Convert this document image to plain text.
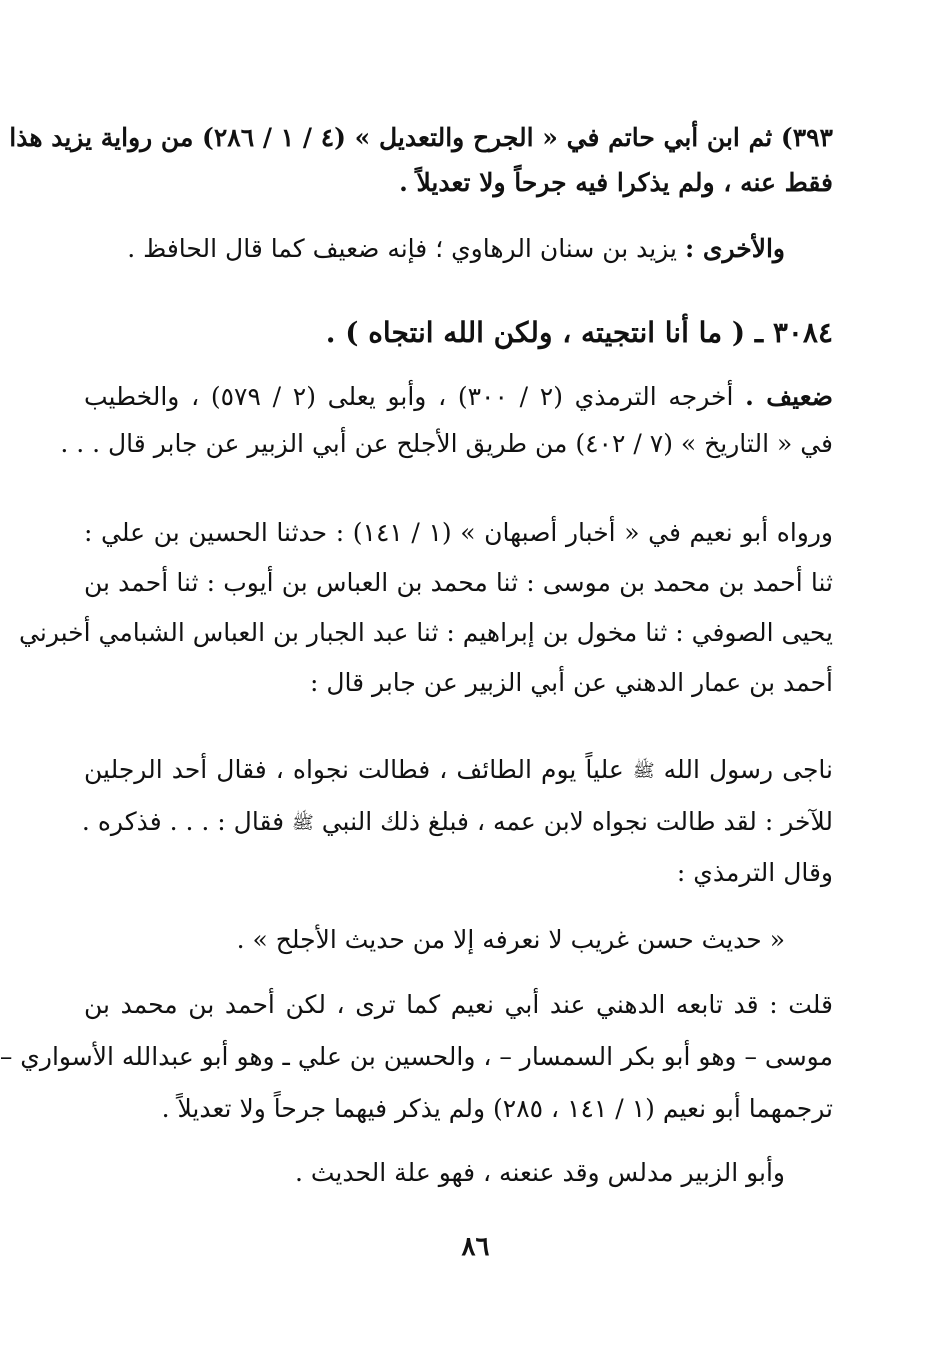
٣٩٣) ثم ابن أبي حاتم في « الجرح والتعديل » (٤ / ١ / ٢٨٦) من رواية يزيد هذا
فقط عنه ، ولم يذكرا فيه جرحاً ولا تعديلاً .
والأخرى : يزيد بن سنان الرهاوي ؛ فإنه ضعيف كما قال الحافظ .
٣٠٨٤ ـ ( ما أنا انتجيته ، ولكن الله انتجاه ) .
ضعيف . أخرجه الترمذي (٢ / ٣٠٠) ، وأبو يعلى (٢ / ٥٧٩) ، والخطيب
في « التاريخ » (٧ / ٤٠٢) من طريق الأجلح عن أبي الزبير عن جابر قال . . .
ورواه أبو نعيم في « أخبار أصبهان » (١ / ١٤١) : حدثنا الحسين بن علي :
ثنا أحمد بن محمد بن موسى : ثنا محمد بن العباس بن أيوب : ثنا أحمد بن
يحيى الصوفي : ثنا مخول بن إبراهيم : ثنا عبد الجبار بن العباس الشبامي أخبرني
أحمد بن عمار الدهني عن أبي الزبير عن جابر قال :
ناجى رسول الله ﷺ علياً يوم الطائف ، فطالت نجواه ، فقال أحد الرجلين
للآخر : لقد طالت نجواه لابن عمه ، فبلغ ذلك النبي ﷺ فقال : . . . فذكره .
وقال الترمذي :
« حديث حسن غريب لا نعرفه إلا من حديث الأجلح » .
قلت : قد تابعه الدهني عند أبي نعيم كما ترى ، لكن أحمد بن محمد بن
موسى – وهو أبو بكر السمسار – ، والحسين بن علي ـ وهو أبو عبدالله الأسواري –
ترجمهما أبو نعيم (١ / ١٤١ ، ٢٨٥) ولم يذكر فيهما جرحاً ولا تعديلاً .
وأبو الزبير مدلس وقد عنعنه ، فهو علة الحديث .
٨٦
